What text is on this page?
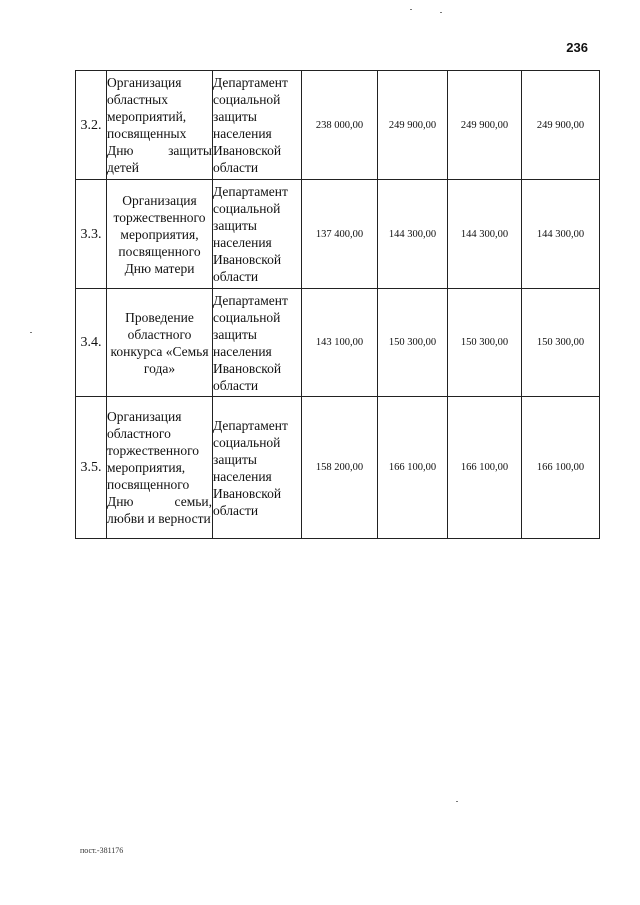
236
3.2.	Организация областных мероприятий, посвященных Дню защиты детей	Департамент социальной защиты населения Ивановской области	238 000,00	249 900,00	249 900,00	249 900,00
3.3.	Организация торжественного мероприятия, посвященного Дню матери	Департамент социальной защиты населения Ивановской области	137 400,00	144 300,00	144 300,00	144 300,00
3.4.	Проведение областного конкурса «Семья года»	Департамент социальной защиты населения Ивановской области	143 100,00	150 300,00	150 300,00	150 300,00
3.5.	Организация областного торжественного мероприятия, посвященного Дню семьи, любви и верности	Департамент социальной защиты населения Ивановской области	158 200,00	166 100,00	166 100,00	166 100,00
пост.-381176
